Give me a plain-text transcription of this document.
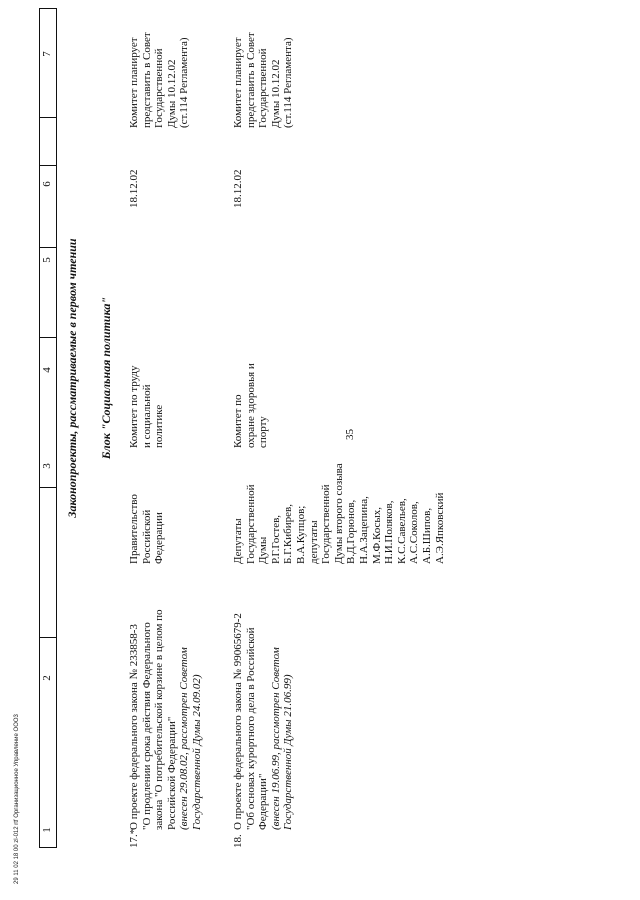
35
1
2
3
4
5
6
7
Законопроекты, рассматриваемые в первом чтении Блок "Социальная политика"
17.*
О проекте федерального закона № 233858-3 "О продлении срока действия Федерального закона "О потребительской корзине в целом по Российской Федерации" (внесен 29.08.02, рассмотрен Советом Государственной Думы 24.09.02)
Правительство Российской Федерации
Комитет по труду и социальной политике
18.12.02
Комитет планирует представить в Совет Государственной Думы 10.12.02 (ст.114 Регламента)
18.
О проекте федерального закона № 99065679-2 "Об основах курортного дела в Российской Федерации" (внесен 19.06.99, рассмотрен Советом Государственной Думы 21.06.99)
Депутаты Государственной Думы Р.Г.Гостев, Б.Г.Кибирев, В.А.Купцов; депутаты Государственной Думы второго созыва В.Д.Горюнов, Н.А.Зацепина, М.Ф.Косых, Н.И.Поляков, К.С.Савельев, А.С.Соколов, А.Б.Шипов, А.Э.Япковский
Комитет по охране здоровья и спорту
18.12.02
Комитет планирует представить в Совет Государственной Думы 10.12.02 (ст.114 Регламента)
29 11 02 18 00 zl-012 rtf Организационное Управление ООО3
